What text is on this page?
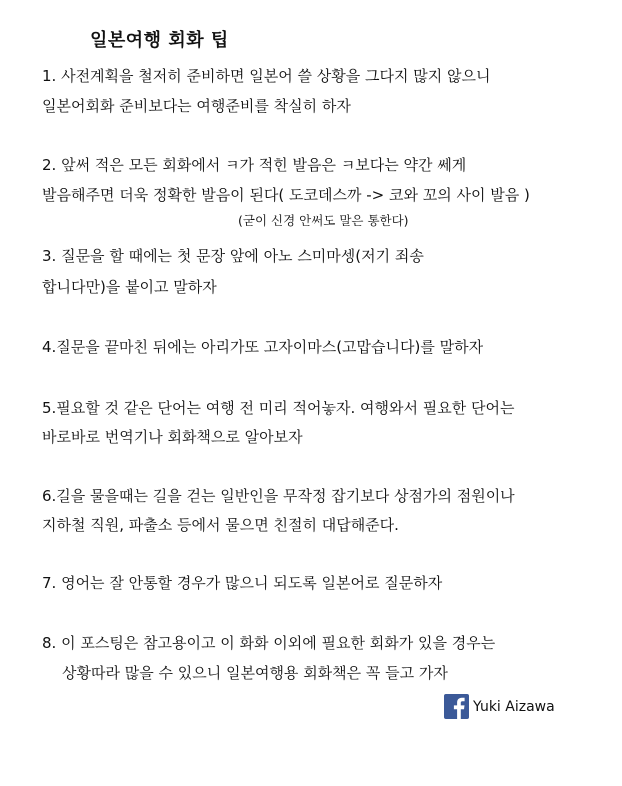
일본여행 회화 팁
1. 사전계획을 철저히 준비하면 일본어 쓸 상황을 그다지 많지 않으니
일본어회화 준비보다는 여행준비를 착실히 하자
2. 앞써 적은 모든 회화에서 ㅋ가 적힌 발음은 ㅋ보다는 약간 쎄게
발음해주면 더욱 정확한 발음이 된다( 도코데스까 -> 코와 꼬의 사이 발음 )
(굳이 신경 안써도 말은 통한다)
3. 질문을 할 때에는 첫 문장 앞에 아노 스미마셍(저기 죄송
합니다만)을 붙이고 말하자
4.질문을 끝마친 뒤에는 아리가또 고자이마스(고맙습니다)를 말하자
5.필요할 것 같은 단어는 여행 전 미리 적어놓자. 여행와서 필요한 단어는
바로바로 번역기나 회화책으로 알아보자
6.길을 물을때는 길을 걷는 일반인을 무작정 잡기보다 상점가의 점원이나
지하철 직원, 파출소 등에서 물으면 친절히 대답해준다.
7. 영어는 잘 안통할 경우가 많으니 되도록 일본어로 질문하자
8. 이 포스팅은 참고용이고 이 화화 이외에 필요한 회화가 있을 경우는
상황따라 많을 수 있으니 일본여행용 회화책은 꼭 들고 가자
Yuki Aizawa
